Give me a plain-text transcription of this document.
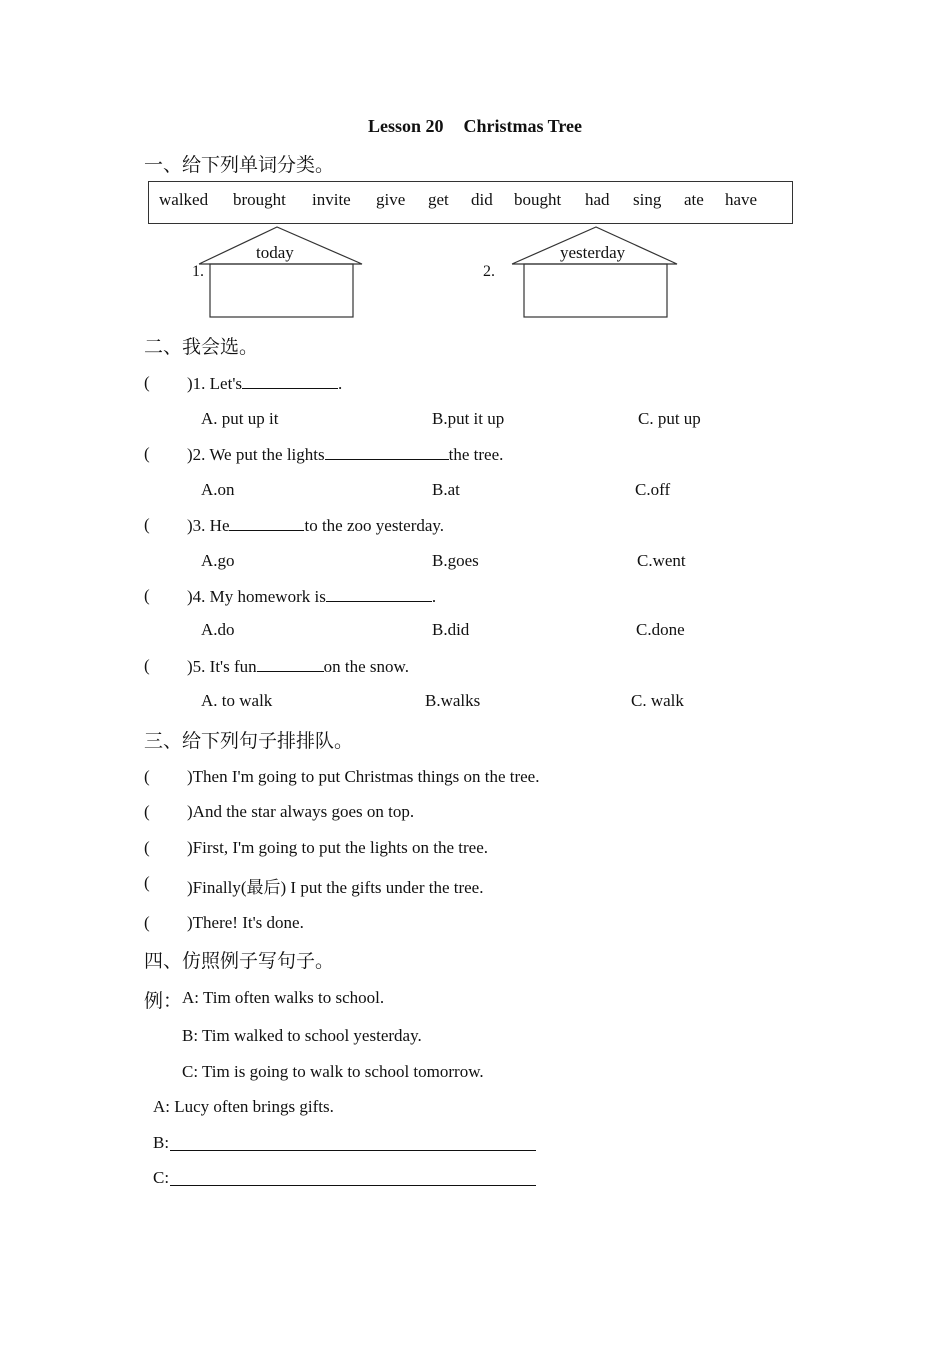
Lesson 20 Christmas Tree
一、给下列单词分类。
walked brought invite give get did bought had sing ate have
1.
today
2.
yesterday
二、我会选。
( )1. Let's	.
A. put up it	B.put it up	C. put up
( )2. We put the lights	the tree.
A.on	B.at	C.off
( )3. He	to the zoo yesterday.
A.go	B.goes	C.went
( )4. My homework is	.
A.do	B.did	C.done
( )5. It's fun	on the snow.
A. to walk	B.walks	C. walk
三、给下列句子排排队。
( )Then I'm going to put Christmas things on the tree.
( )And the star always goes on top.
( )First, I'm going to put the lights on the tree.
( )Finally(最后) I put the gifts under the tree.
( )There! It's done.
四、仿照例子写句子。
例： A: Tim often walks to school.
B: Tim walked to school yesterday.
C: Tim is going to walk to school tomorrow.
A: Lucy often brings gifts.
B:
C:
